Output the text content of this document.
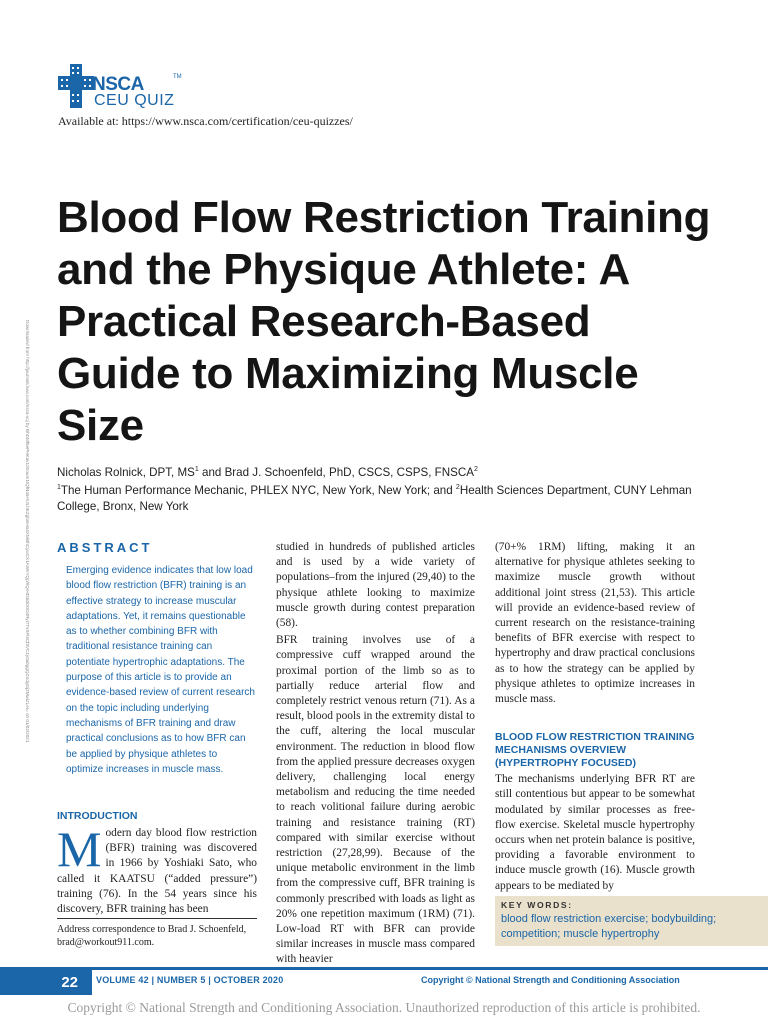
NSCA	TM
CEU QUIZ
Available at: https://www.nsca.com/certification/ceu-quizzes/
Downloaded from http://journals.lww.com/nsca-scj by BhDMf5ePHKav1zEoum1tQfN4a+kJLhEZgbsIHo4XMi0hCywCX1AWnYQp/IlQrHD3i3D0OdRyi7TvSFl4Cf3VC1y0abggQZXdgGj2MwlZLeI= on 01/02/2021
Blood Flow Restriction Training and the Physique Athlete: A Practical Research-Based Guide to Maximizing Muscle Size
Nicholas Rolnick, DPT, $MS^1$ and Brad J. Schoenfeld, PhD, CSCS, CSPS, FNSCA$^2$
$^1$The Human Performance Mechanic, PHLEX NYC, New York, New York; and $^2$Health Sciences Department, CUNY Lehman College, Bronx, New York
ABSTRACT
Emerging evidence indicates that low load blood flow restriction (BFR) training is an effective strategy to increase muscular adaptations. Yet, it remains questionable as to whether combining BFR with traditional resistance training can potentiate hypertrophic adaptations. The purpose of this article is to provide an evidence-based review of current research on the topic including underlying mechanisms of BFR training and draw practical conclusions as to how BFR can be applied by physique athletes to optimize increases in muscle mass.
INTRODUCTION
Modern day blood flow restriction (BFR) training was discovered in 1966 by Yoshiaki Sato, who called it KAATSU (“added pressure”) training (76). In the 54 years since his discovery, BFR training has been
Address correspondence to Brad J. Schoenfeld, brad@workout911.com.

studied in hundreds of published articles and is used by a wide variety of populations–from the injured (29,40) to the physique athlete looking to maximize muscle growth during contest preparation (58).

BFR training involves use of a compressive cuff wrapped around the proximal portion of the limb so as to partially reduce arterial flow and completely restrict venous return (71). As a result, blood pools in the extremity distal to the cuff, altering the local muscular environment. The reduction in blood flow from the applied pressure decreases oxygen delivery, challenging local energy metabolism and reducing the time needed to reach volitional failure during aerobic training and resistance training (RT) compared with similar exercise without restriction (27,28,99). Because of the unique metabolic environment in the limb from the compressive cuff, BFR training is commonly prescribed with loads as light as 20% one repetition maximum (1RM) (71). Low-load RT with BFR can provide similar increases in muscle mass compared with heavier

(70+% 1RM) lifting, making it an alternative for physique athletes seeking to maximize muscle growth without additional joint stress (21,53). This article will provide an evidence-based review of current research on the resistance-training benefits of BFR exercise with respect to hypertrophy and draw practical conclusions as to how the strategy can be applied by physique athletes to optimize increases in muscle mass.

BLOOD FLOW RESTRICTION TRAINING MECHANISMS OVERVIEW (HYPERTROPHY FOCUSED)

The mechanisms underlying BFR RT are still contentious but appear to be somewhat modulated by similar processes as free-flow exercise. Skeletal muscle hypertrophy occurs when net protein balance is positive, providing a favorable environment to induce muscle growth (16). Muscle growth appears to be mediated by

KEY WORDS:
blood flow restriction exercise; bodybuilding; competition; muscle hypertrophy
22	VOLUME 42 | NUMBER 5 | OCTOBER 2020	Copyright © National Strength and Conditioning Association
Copyright © National Strength and Conditioning Association. Unauthorized reproduction of this article is prohibited.
